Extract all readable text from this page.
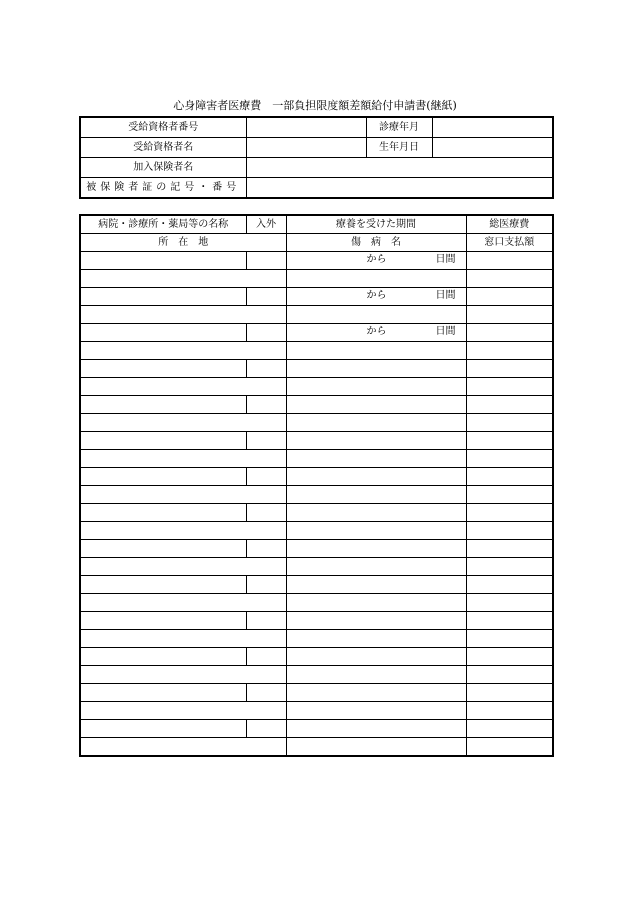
心身障害者医療費　一部負担限度額差額給付申請書(継紙)
受給資格者番号		診療年月	
受給資格者名		生年月日	
加入保険者名			
被保険者証の記号・番号			
病院・診療所・薬局等の名称	入外	療養を受けた期間	総医療費
所　在　地		傷　病　名	窓口支払額

		から 日間	

		から 日間	

		から 日間	
